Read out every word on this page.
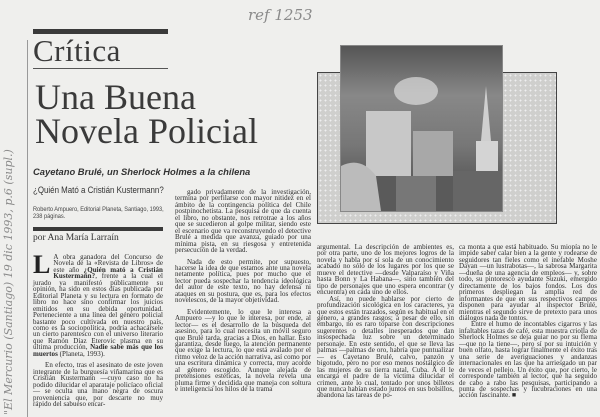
ref 1253
"El Mercurio (Santiago) 19 dic 1993, p.6 (supl.)
Crítica
Una Buena
Novela Policial
Cayetano Brulé, un Sherlock Holmes a la chilena
¿Quién Mató a Cristián Kustermann?
Roberto Ampuero, Editorial Planeta, Santiago, 1993, 238 páginas.
por Ana María Larraín

L A obra ganadora del Concurso de Novela de la «Revista de Libros» de este año ¿Quién mató a Cristián Kustermann?, frente a la cual el jurado ya manifestó públicamente su opinión, ha sido en estos días publicada por Editorial Planeta y su lectura en formato de libro no hace sino confirmar los juicios emitidos en su debida oportunidad. Perteneciente a una línea del género policial bastante poco cultivada en nuestro país, como es la sociopolítica, podría achacársele un cierto parentesco con el universo literario que Ramón Díaz Eterovic plasma en su última producción, Nadie sabe más que los muertos (Planeta, 1993).

En efecto, tras el asesinato de este joven integrante de la burguesía viñamarina que es Cristián Kustermann —cuyo caso no ha podido dilucidar el aparataje policíaco oficial— se oculta una mano negra de oscura proveniencia que, por descarte no muy rápido del sabueso encar-

gado privadamente de la investigación, termina por perfilarse con mayor nitidez en el ámbito de la contingencia política del Chile postpinochetista. La pesquisa de que da cuenta el libro, no obstante, nos retrotrae a los años que se sucedieron al golpe militar, siendo este el escenario que va reconstruyendo el detective Brulé a medida que avanza, guiado por una mínima pista, en su riesgosa y entretenida persecución de la verdad.

Nada de esto permite, por supuesto, hacerse la idea de que estamos ante una novela netamente política, pues por mucho que el lector pueda sospechar la tendencia ideológica del autor de este texto, no hay defensa ni ataques en su postura, que es, para los efectos novelescos, de la mayor objetividad.

Evidentemente, lo que le interesa a Ampuero —y lo que le interesa, por ende, al lector— es el desarrollo de la búsqueda del asesino, para lo cual necesita un móvil seguro que Brulé tarda, gracias a Dios, en hallar. Esto garantiza, desde luego, la atención permanente que exige la lectura, lo que está avalado por el ritmo veloz de la acción narrativa, así como por una escritura dinámica y correcta, muy acorde al género escogido. Aunque alejada de pretensiones estéticas, la novela revela una pluma firme y decidida que maneja con soltura e inteligencia los hilos de la trama

argumental. La descripción de ambientes es, por otra parte, uno de los mejores logros de la novela y habla por sí sola de un conocimiento acabado no sólo de los lugares por los que se mueve el detective —desde Valparaíso y Viña hasta Bonn y La Habana—, sino también del tipo de personajes que uno espera encontrar (y encuentra) en cada uno de ellos.

Así, no puede hablarse por cierto de profundización sicológica en los caracteres, ya que estos están trazados, según es habitual en el género, a grandes rasgos; a pesar de ello, sin embargo, no es raro toparse con descripciones sugerentes o detalles inesperados que dan insospechada luz sobre un determinado personaje. En este sentido, el que se lleva las palmas —palmas de oro, habría que puntualizar— es Cayetano Brulé, calvo, panzón y bigotudo, pero no por eso menos nostálgico de las mujeres de su tierra natal, Cuba. A él le encarga el padre de la víctima dilucidar el crimen, ante lo cual, tentado por unos billetes que nunca habían estado juntos en sus bolsillos, abandona las tareas de po-

ca monta a que está habituado. Su miopía no le impide saber calar bien a la gente y rodearse de seguidores tan fieles como el inefable Moshe Dayan —un lustrabotas—, la sabrosa Margarita —dueña de una agencia de empleos— y, sobre todo, su pintoresco ayudante Suzuki, emergido directamente de los bajos fondos. Los dos primeros despliegan la amplia red de informantes de que en sus respectivos campos disponen para ayudar al inspector Brulé, mientras el segundo sirve de pretexto para unos diálogos nada de tontos.

Entre el humo de incontables cigarros y las infaltables tazas de café, esta muestra criolla de Sherlock Holmes se deja guiar no por su flema —que no la tiene—, pero sí por su intuición y buen olfato, hasta lograr finalmente el éxito tras una serie de averiguaciones y andanzas internacionales en las que ha arriesgado un par de veces el pellejo. Un éxito que, por cierto, le corresponde también al lector, que ha seguido de cabo a rabo las pesquisas, participando a punta de sospechas y lucubraciones en una acción fascinante. ■
